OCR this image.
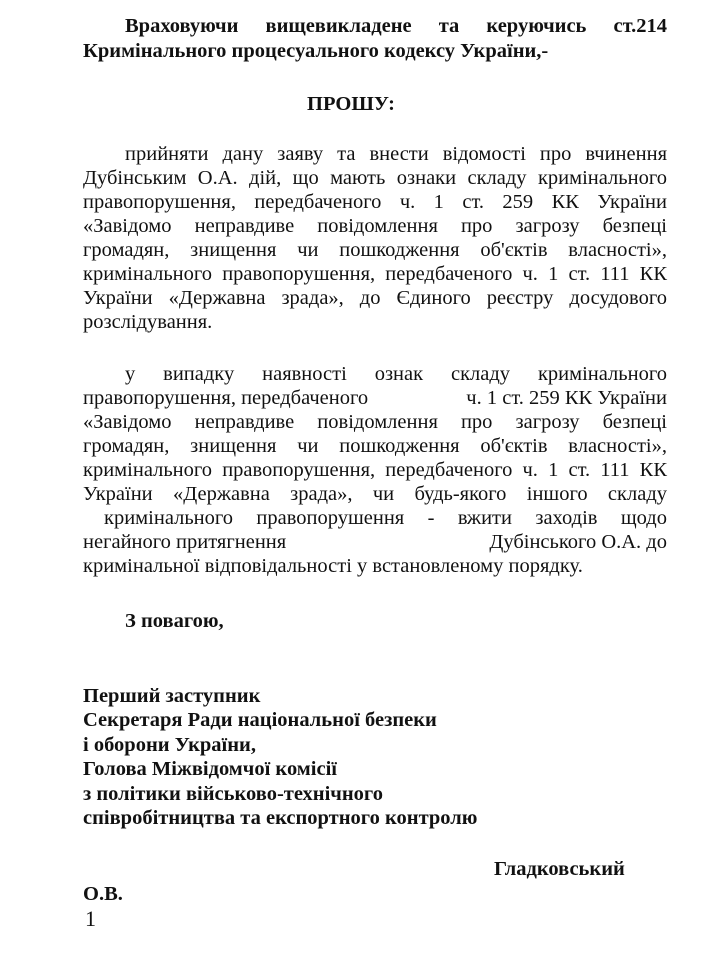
Враховуючи вищевикладене та керуючись ст.214
Кримінального процесуального кодексу України,-
ПРОШУ:
прийняти дану заяву та внести відомості про вчинення
Дубінським О.А. дій, що мають ознаки складу кримінального
правопорушення, передбаченого ч. 1 ст. 259 КК України
«Завідомо неправдиве повідомлення про загрозу безпеці
громадян, знищення чи пошкодження об'єктів власності»,
кримінального правопорушення, передбаченого ч. 1 ст. 111 КК
України «Державна зрада», до Єдиного реєстру досудового
розслідування.
у випадку наявності ознак складу кримінального
правопорушення, передбаченого	ч. 1 ст. 259 КК України
«Завідомо неправдиве повідомлення про загрозу безпеці
громадян, знищення чи пошкодження об'єктів власності»,
кримінального правопорушення, передбаченого ч. 1 ст. 111 КК
України «Державна зрада», чи будь-якого іншого складу
кримінального правопорушення - вжити заходів щодо
негайного притягнення	Дубінського О.А. до
кримінальної відповідальності у встановленому порядку.
З повагою,
Перший заступник
Секретаря Ради національної безпеки
і оборони України,
Голова Міжвідомчої комісії
з політики військово-технічного
співробітництва та експортного контролю
Гладковський
О.В.
1
